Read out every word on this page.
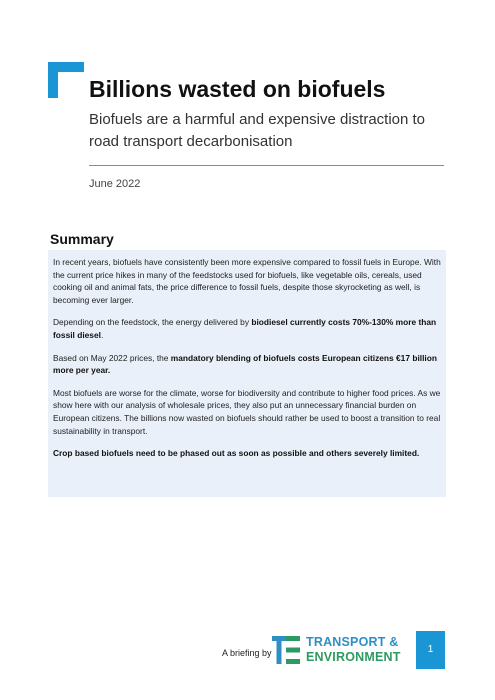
Billions wasted on biofuels
Biofuels are a harmful and expensive distraction to road transport decarbonisation
June 2022
Summary

In recent years, biofuels have consistently been more expensive compared to fossil fuels in Europe. With the current price hikes in many of the feedstocks used for biofuels, like vegetable oils, cereals, used cooking oil and animal fats, the price difference to fossil fuels, despite those skyrocketing as well, is becoming ever larger.

Depending on the feedstock, the energy delivered by biodiesel currently costs 70%-130% more than fossil diesel.

Based on May 2022 prices, the mandatory blending of biofuels costs European citizens €17 billion more per year.

Most biofuels are worse for the climate, worse for biodiversity and contribute to higher food prices. As we show here with our analysis of wholesale prices, they also put an unnecessary financial burden on European citizens. The billions now wasted on biofuels should rather be used to boost a transition to real sustainability in transport.

Crop based biofuels need to be phased out as soon as possible and others severely limited.

A briefing by
TRANSPORT &
ENVIRONMENT
1
